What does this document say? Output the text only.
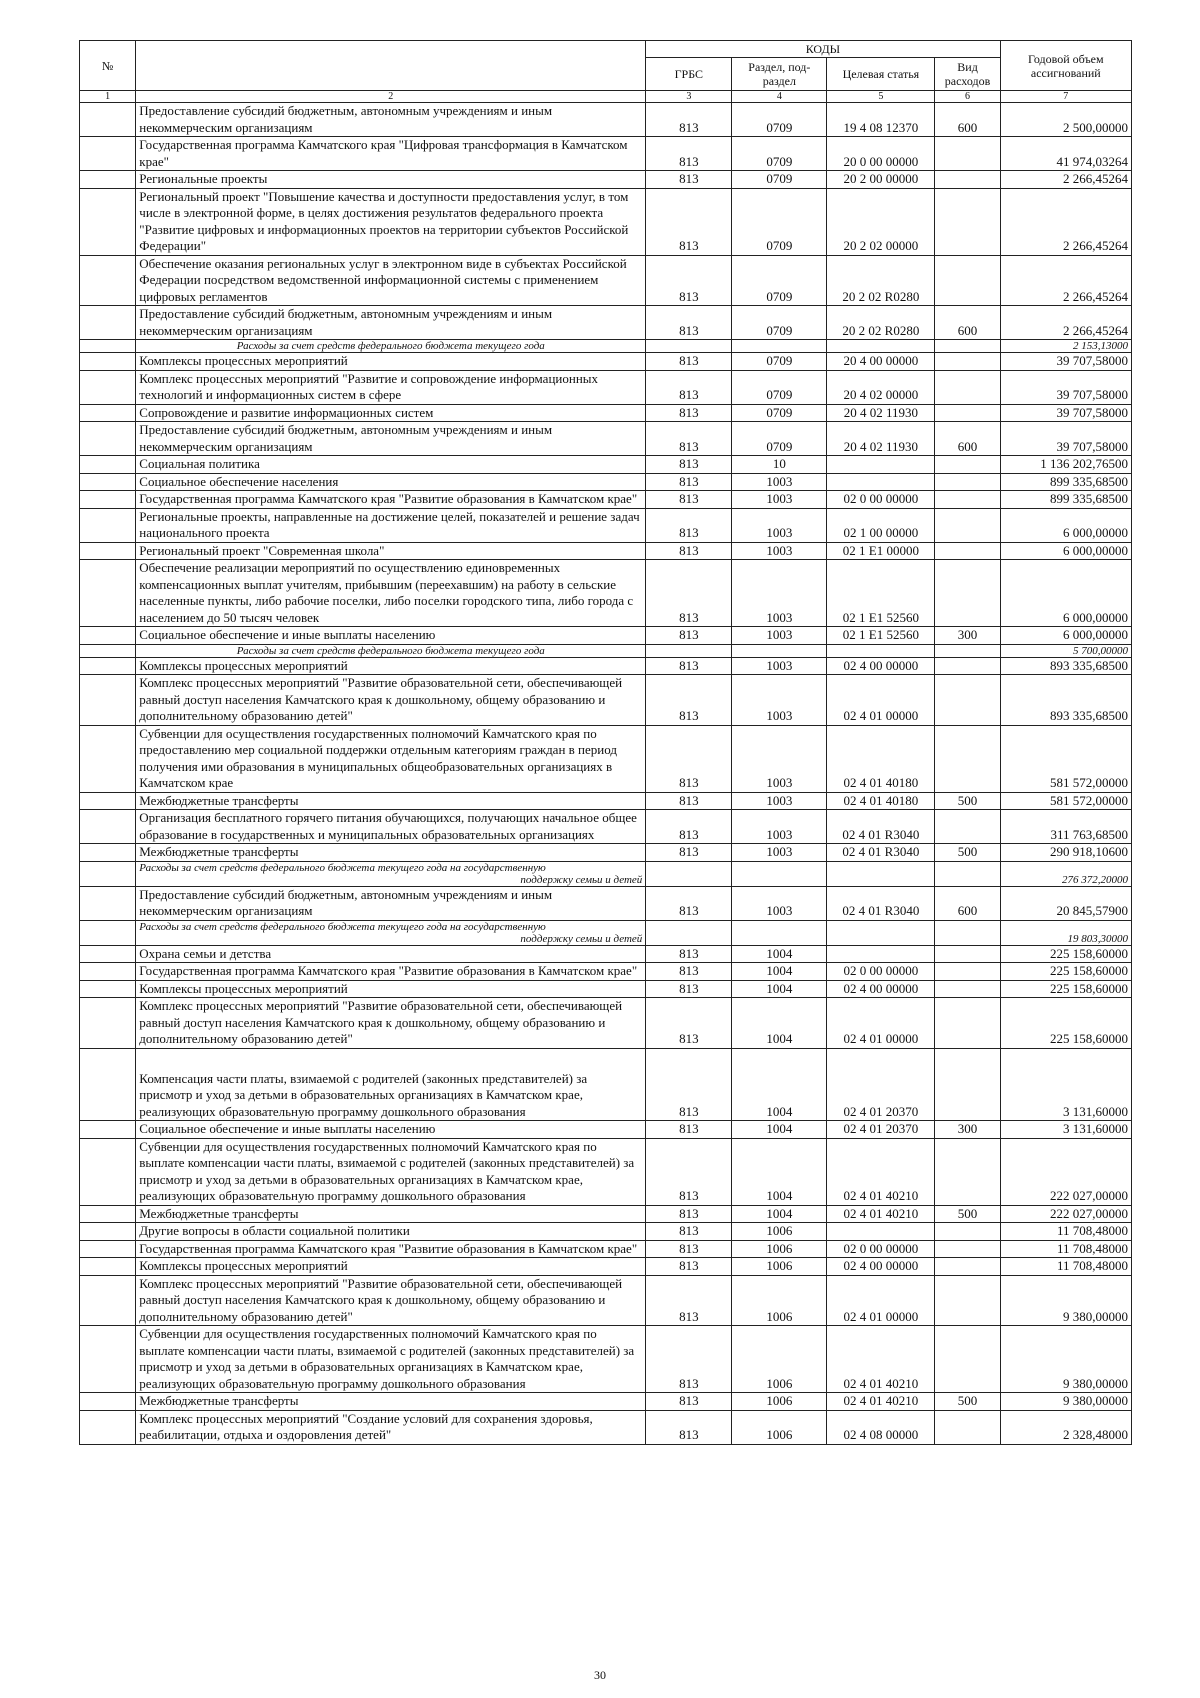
№		КОДЫ				Годовой объем ассигнований
		ГРБС	Раздел, под-раздел	Целевая статья	Вид расходов	
1	2	3	4	5	6	7
	Предоставление субсидий бюджетным, автономным учреждениям и иным некоммерческим организациям	813	0709	19 4 08 12370	600	2 500,00000
	Государственная программа Камчатского края "Цифровая трансформация в Камчатском крае"	813	0709	20 0 00 00000		41 974,03264
	Региональные проекты	813	0709	20 2 00 00000		2 266,45264
	Региональный проект "Повышение качества и доступности предоставления услуг, в том числе в электронной форме, в целях достижения результатов федерального проекта "Развитие цифровых и информационных проектов на территории субъектов Российской Федерации"	813	0709	20 2 02 00000		2 266,45264
	Обеспечение оказания региональных услуг в электронном виде в субъектах Российской Федерации посредством ведомственной информационной системы с применением цифровых регламентов	813	0709	20 2 02 R0280		2 266,45264
	Предоставление субсидий бюджетным, автономным учреждениям и иным некоммерческим организациям	813	0709	20 2 02 R0280	600	2 266,45264
	Расходы за счет средств федерального бюджета текущего года					2 153,13000
	Комплексы процессных мероприятий	813	0709	20 4 00 00000		39 707,58000
	Комплекс процессных мероприятий "Развитие и сопровождение информационных технологий и информационных систем в сфере	813	0709	20 4 02 00000		39 707,58000
	Сопровождение и развитие информационных систем	813	0709	20 4 02 11930		39 707,58000
	Предоставление субсидий бюджетным, автономным учреждениям и иным некоммерческим организациям	813	0709	20 4 02 11930	600	39 707,58000
	Социальная политика	813	10			1 136 202,76500
	Социальное обеспечение населения	813	1003			899 335,68500
	Государственная программа Камчатского края "Развитие образования в Камчатском крае"	813	1003	02 0 00 00000		899 335,68500
	Региональные проекты, направленные на достижение целей, показателей и решение задач национального проекта	813	1003	02 1 00 00000		6 000,00000
	Региональный проект "Современная школа"	813	1003	02 1 E1 00000		6 000,00000
	Обеспечение реализации мероприятий по осуществлению единовременных компенсационных выплат учителям, прибывшим (переехавшим) на работу в сельские населенные пункты, либо рабочие поселки, либо поселки городского типа, либо города с населением до 50 тысяч человек	813	1003	02 1 E1 52560		6 000,00000
	Социальное обеспечение и иные выплаты населению	813	1003	02 1 E1 52560	300	6 000,00000
	Расходы за счет средств федерального бюджета текущего года					5 700,00000
	Комплексы процессных мероприятий	813	1003	02 4 00 00000		893 335,68500
	Комплекс процессных мероприятий "Развитие образовательной сети, обеспечивающей равный доступ населения Камчатского края к дошкольному, общему образованию и дополнительному образованию детей"	813	1003	02 4 01 00000		893 335,68500
	Субвенции для осуществления государственных полномочий Камчатского края по предоставлению мер социальной поддержки отдельным категориям граждан в период получения ими образования в муниципальных общеобразовательных организациях в Камчатском крае	813	1003	02 4 01 40180		581 572,00000
	Межбюджетные трансферты	813	1003	02 4 01 40180	500	581 572,00000
	Организация бесплатного горячего питания обучающихся, получающих начальное общее образование в государственных и муниципальных образовательных организациях	813	1003	02 4 01 R3040		311 763,68500
	Межбюджетные трансферты	813	1003	02 4 01 R3040	500	290 918,10600

	Расходы за счет средств федерального бюджета текущего года на государственную
поддержку семьи и детей					276 372,20000
	Предоставление субсидий бюджетным, автономным учреждениям и иным некоммерческим организациям	813	1003	02 4 01 R3040	600	20 845,57900

	Расходы за счет средств федерального бюджета текущего года на государственную
поддержку семьи и детей					19 803,30000
	Охрана семьи и детства	813	1004			225 158,60000
	Государственная программа Камчатского края "Развитие образования в Камчатском крае"	813	1004	02 0 00 00000		225 158,60000
	Комплексы процессных мероприятий	813	1004	02 4 00 00000		225 158,60000
	Комплекс процессных мероприятий "Развитие образовательной сети, обеспечивающей равный доступ населения Камчатского края к дошкольному, общему образованию и дополнительному образованию детей"	813	1004	02 4 01 00000		225 158,60000
	Компенсация части платы, взимаемой с родителей (законных представителей) за присмотр и уход за детьми в образовательных организациях в Камчатском крае, реализующих образовательную программу дошкольного образования	813	1004	02 4 01 20370		3 131,60000
	Социальное обеспечение и иные выплаты населению	813	1004	02 4 01 20370	300	3 131,60000
	Субвенции для осуществления государственных полномочий Камчатского края по выплате компенсации части платы, взимаемой с родителей (законных представителей) за присмотр и уход за детьми в образовательных организациях в Камчатском крае, реализующих образовательную программу дошкольного образования	813	1004	02 4 01 40210		222 027,00000
	Межбюджетные трансферты	813	1004	02 4 01 40210	500	222 027,00000
	Другие вопросы в области социальной политики	813	1006			11 708,48000
	Государственная программа Камчатского края "Развитие образования в Камчатском крае"	813	1006	02 0 00 00000		11 708,48000
	Комплексы процессных мероприятий	813	1006	02 4 00 00000		11 708,48000
	Комплекс процессных мероприятий "Развитие образовательной сети, обеспечивающей равный доступ населения Камчатского края к дошкольному, общему образованию и дополнительному образованию детей"	813	1006	02 4 01 00000		9 380,00000
	Субвенции для осуществления государственных полномочий Камчатского края по выплате компенсации части платы, взимаемой с родителей (законных представителей) за присмотр и уход за детьми в образовательных организациях в Камчатском крае, реализующих образовательную программу дошкольного образования	813	1006	02 4 01 40210		9 380,00000
	Межбюджетные трансферты	813	1006	02 4 01 40210	500	9 380,00000
	Комплекс процессных мероприятий "Создание условий для сохранения здоровья, реабилитации, отдыха и оздоровления детей"	813	1006	02 4 08 00000		2 328,48000
30
